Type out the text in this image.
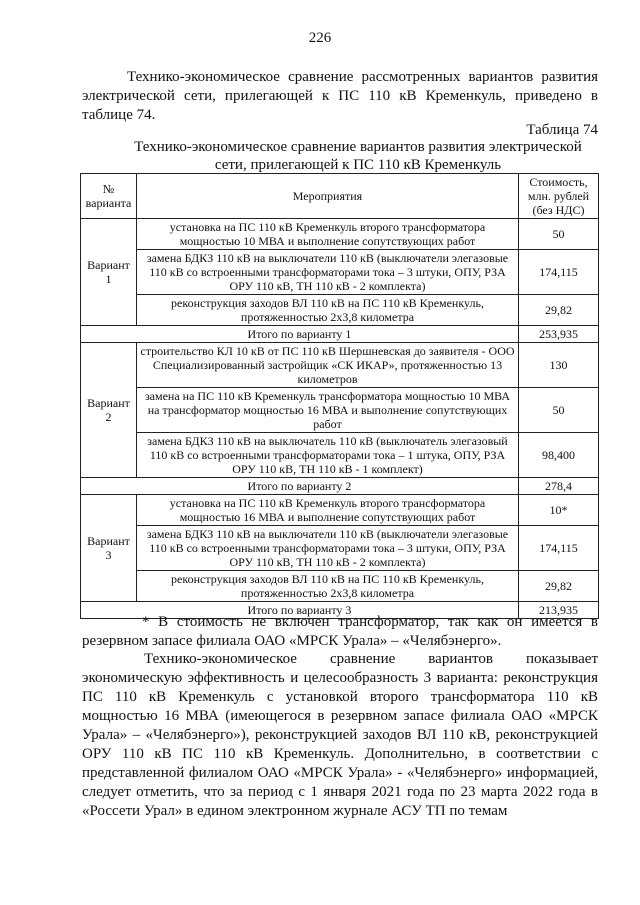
226

Технико-экономическое сравнение рассмотренных вариантов развития электрической сети, прилегающей к ПС 110 кВ Кременкуль, приведено в таблице 74.

Таблица 74
Технико-экономическое сравнение вариантов развития электрической сети, прилегающей к ПС 110 кВ Кременкуль
№ варианта	Мероприятия	Стоимость, млн. рублей (без НДС)
Вариант 1	установка на ПС 110 кВ Кременкуль второго трансформатора мощностью 10 МВА и выполнение сопутствующих работ	50
	замена БДКЗ 110 кВ на выключатели 110 кВ (выключатели элегазовые 110 кВ со встроенными трансформаторами тока – 3 штуки, ОПУ, РЗА ОРУ 110 кВ, ТН 110 кВ - 2 комплекта)	174,115
	реконструкция заходов ВЛ 110 кВ на ПС 110 кВ Кременкуль, протяженностью 2х3,8 километра	29,82
Итого по варианту 1		253,935
Вариант 2	строительство КЛ 10 кВ от ПС 110 кВ Шершневская до заявителя - ООО Специализированный застройщик «СК ИКАР», протяженностью 13 километров	130
	замена на ПС 110 кВ Кременкуль трансформатора мощностью 10 МВА на трансформатор мощностью 16 МВА и выполнение сопутствующих работ	50
	замена БДКЗ 110 кВ на выключатель 110 кВ (выключатель элегазовый 110 кВ со встроенными трансформаторами тока – 1 штука, ОПУ, РЗА ОРУ 110 кВ, ТН 110 кВ - 1 комплект)	98,400
Итого по варианту 2		278,4
Вариант 3	установка на ПС 110 кВ Кременкуль второго трансформатора мощностью 16 МВА и выполнение сопутствующих работ	10*
	замена БДКЗ 110 кВ на выключатели 110 кВ (выключатели элегазовые 110 кВ со встроенными трансформаторами тока – 3 штуки, ОПУ, РЗА ОРУ 110 кВ, ТН 110 кВ - 2 комплекта)	174,115
	реконструкция заходов ВЛ 110 кВ на ПС 110 кВ Кременкуль, протяженностью 2х3,8 километра	29,82
Итого по варианту 3		213,935

* В стоимость не включен трансформатор, так как он имеется в резервном запасе филиала ОАО «МРСК Урала» – «Челябэнерго».

Технико-экономическое сравнение вариантов показывает экономическую эффективность и целесообразность 3 варианта: реконструкция ПС 110 кВ Кременкуль с установкой второго трансформатора 110 кВ мощностью 16 МВА (имеющегося в резервном запасе филиала ОАО «МРСК Урала» – «Челябэнерго»), реконструкцией заходов ВЛ 110 кВ, реконструкцией ОРУ 110 кВ ПС 110 кВ Кременкуль. Дополнительно, в соответствии с представленной филиалом ОАО «МРСК Урала» - «Челябэнерго» информацией, следует отметить, что за период с 1 января 2021 года по 23 марта 2022 года в «Россети Урал» в едином электронном журнале АСУ ТП по темам
